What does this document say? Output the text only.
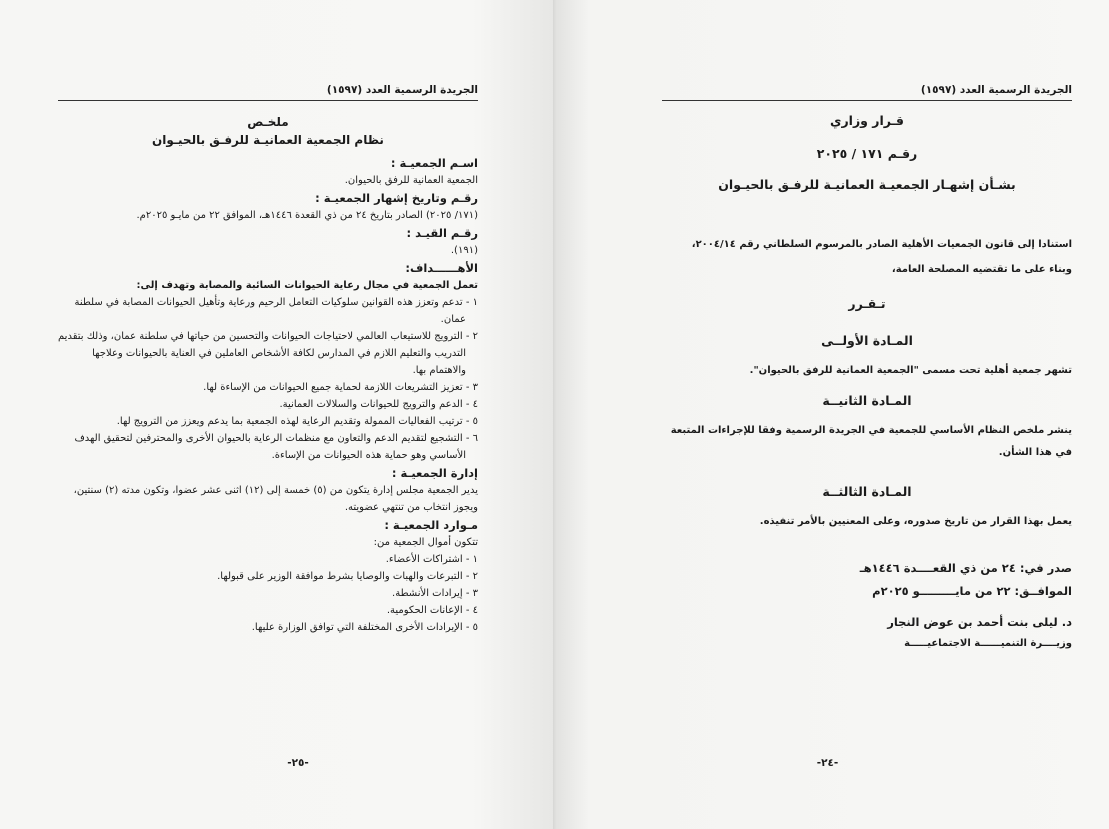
الجريدة الرسمية العدد (١٥٩٧)
ملخـص
نظام الجمعية العمانيـة للرفـق بالحيـوان
اسـم الجمعيـة :
الجمعية العمانية للرفق بالحيوان.
رقـم وتاريخ إشهار الجمعيـة :
(١٧١/ ٢٠٢٥) الصادر بتاريخ ٢٤ من ذي القعدة ١٤٤٦هـ، الموافق ٢٢ من مايـو ٢٠٢٥م.
رقـم القيـد :
(١٩١).
الأهــــــداف:
تعمل الجمعية في مجال رعاية الحيوانات السائبة والمصابة وتهدف إلى:
١ - تدعم وتعزز هذه القوانين سلوكيات التعامل الرحيم ورعاية وتأهيل الحيوانات المصابة في سلطنة عمان.
٢ - الترويج للاستيعاب العالمي لاحتياجات الحيوانات والتحسين من حياتها في سلطنة عمان، وذلك بتقديم التدريب والتعليم اللازم في المدارس لكافة الأشخاص العاملين في العناية بالحيوانات وعلاجها والاهتمام بها.
٣ - تعزيز التشريعات اللازمة لحماية جميع الحيوانات من الإساءة لها.
٤ - الدعم والترويج للحيوانات والسلالات العمانية.
٥ - ترتيب الفعاليات الممولة وتقديم الرعاية لهذه الجمعية بما يدعم ويعزز من الترويج لها.
٦ - التشجيع لتقديم الدعم والتعاون مع منظمات الرعاية بالحيوان الأخرى والمحترفين لتحقيق الهدف الأساسي وهو حماية هذه الحيوانات من الإساءة.
إدارة الجمعيـة :
يدير الجمعية مجلس إدارة يتكون من (٥) خمسة إلى (١٢) اثنى عشر عضوا، وتكون مدته (٢) سنتين، ويجوز انتخاب من تنتهي عضويته.
مـوارد الجمعيـة :
تتكون أموال الجمعية من:
١ - اشتراكات الأعضاء.
٢ - التبرعات والهبات والوصايا بشرط موافقة الوزير على قبولها.
٣ - إيرادات الأنشطة.
٤ - الإعانات الحكومية.
٥ - الإيرادات الأخرى المختلفة التي توافق الوزارة عليها.
-٢٥-
الجريدة الرسمية العدد (١٥٩٧)
قـرار وزاري
رقـم ١٧١ / ٢٠٢٥
بشـأن إشهـار الجمعيـة العمانيـة للرفـق بالحيـوان
استنادا إلى قانون الجمعيات الأهلية الصادر بالمرسوم السلطاني رقم ٢٠٠٤/١٤،
وبناء على ما تقتضيه المصلحة العامة،
تـقـرر
المـادة الأولــى
تشهر جمعية أهلية تحت مسمى "الجمعية العمانية للرفق بالحيوان".
المـادة الثانيــة
ينشر ملخص النظام الأساسي للجمعية في الجريدة الرسمية وفقا للإجراءات المتبعة في هذا الشأن.
المـادة الثالثــة
يعمل بهذا القرار من تاريخ صدوره، وعلى المعنيين بالأمر تنفيذه.
صدر في: ٢٤ من ذي القعــــدة ١٤٤٦هـ
الموافــق: ٢٢ من مايـــــــــو ٢٠٢٥م
د. ليلى بنت أحمد بن عوض النجار
وزيــــرة التنميــــــة الاجتماعيـــــة
-٢٤-
